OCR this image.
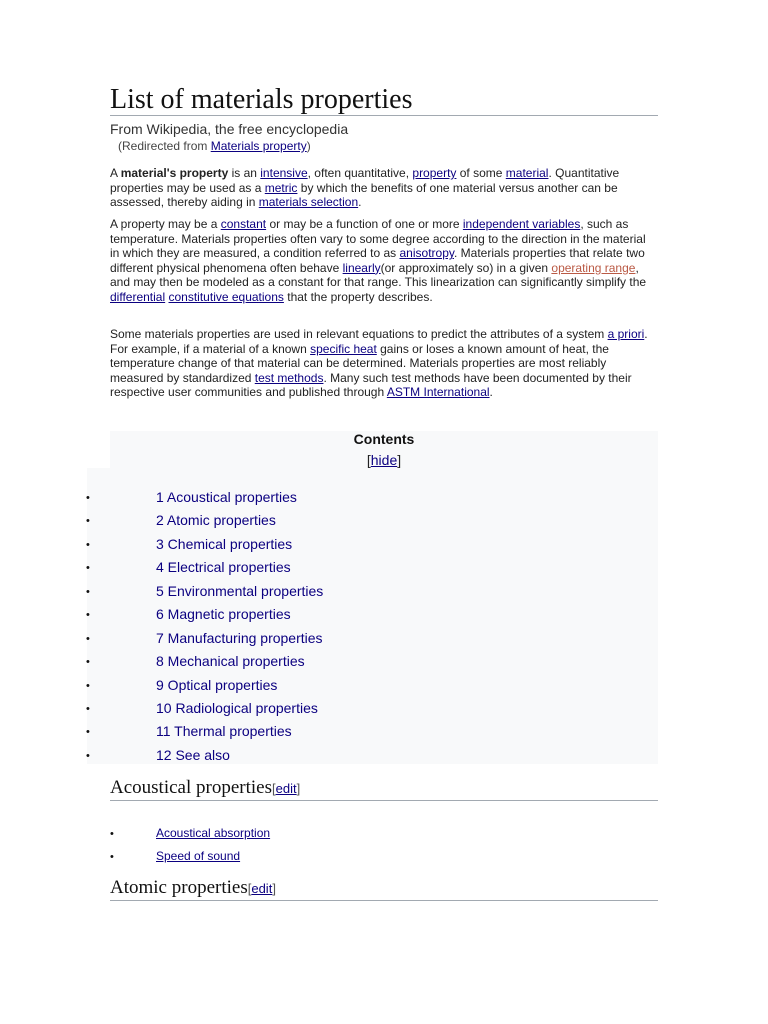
List of materials properties
From Wikipedia, the free encyclopedia
(Redirected from Materials property)

A material's property is an intensive, often quantitative, property of some material. Quantitative properties may be used as a metric by which the benefits of one material versus another can be assessed, thereby aiding in materials selection.

A property may be a constant or may be a function of one or more independent variables, such as temperature. Materials properties often vary to some degree according to the direction in the material in which they are measured, a condition referred to as anisotropy. Materials properties that relate two different physical phenomena often behave linearly(or approximately so) in a given operating range, and may then be modeled as a constant for that range. This linearization can significantly simplify the differential constitutive equations that the property describes.

Some materials properties are used in relevant equations to predict the attributes of a system a priori. For example, if a material of a known specific heat gains or loses a known amount of heat, the temperature change of that material can be determined. Materials properties are most reliably measured by standardized test methods. Many such test methods have been documented by their respective user communities and published through ASTM International.

Contents
[hide]
•	1 Acoustical properties
•	2 Atomic properties
•	3 Chemical properties
•	4 Electrical properties
•	5 Environmental properties
•	6 Magnetic properties
•	7 Manufacturing properties
•	8 Mechanical properties
•	9 Optical properties
•	10 Radiological properties
•	11 Thermal properties
•	12 See also
Acoustical properties[edit]
•	Acoustical absorption
•	Speed of sound
Atomic properties[edit]
